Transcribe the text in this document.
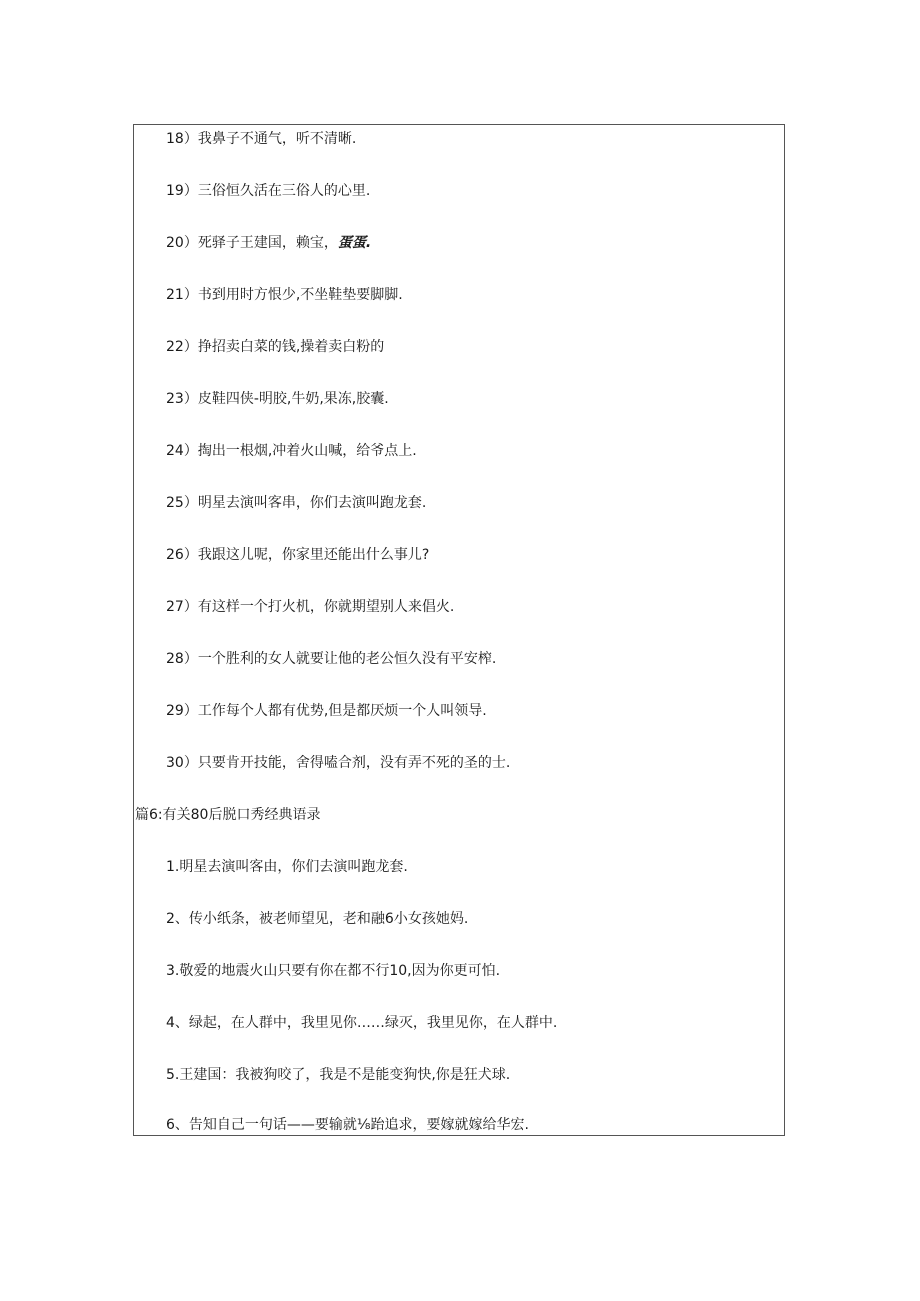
18）我鼻子不通气，听不清晰.
19）三俗恒久活在三俗人的心里.
20）死驿子王建国，赖宝，蛋蛋.
21）书到用时方恨少,不坐鞋垫要脚脚.
22）挣招卖白菜的钱,操着卖白粉的
23）皮鞋四侠-明胶,牛奶,果冻,胶囊.
24）掏出一根烟,冲着火山喊，给爷点上.
25）明星去演叫客串，你们去演叫跑龙套.
26）我跟这儿呢，你家里还能出什么事儿?
27）有这样一个打火机，你就期望别人来倡火.
28）一个胜利的女人就要让他的老公恒久没有平安榨.
29）工作每个人都有优势,但是都厌烦一个人叫领导.
30）只要肯开技能，舍得嗑合剂，没有弄不死的圣的士.
篇6:有关80后脱口秀经典语录
1.明星去演叫客由，你们去演叫跑龙套.
2、传小纸条，被老师望见，老和融6小女孩她妈.
3.敬爱的地震火山只要有你在都不行10,因为你更可怕.
4、绿起，在人群中，我里见你……绿灭，我里见你，在人群中.
5.王建国：我被狗咬了，我是不是能变狗快,你是狂犬球.
6、告知自己一句话——要输就⅛跆追求，要嫁就嫁给华宏.
